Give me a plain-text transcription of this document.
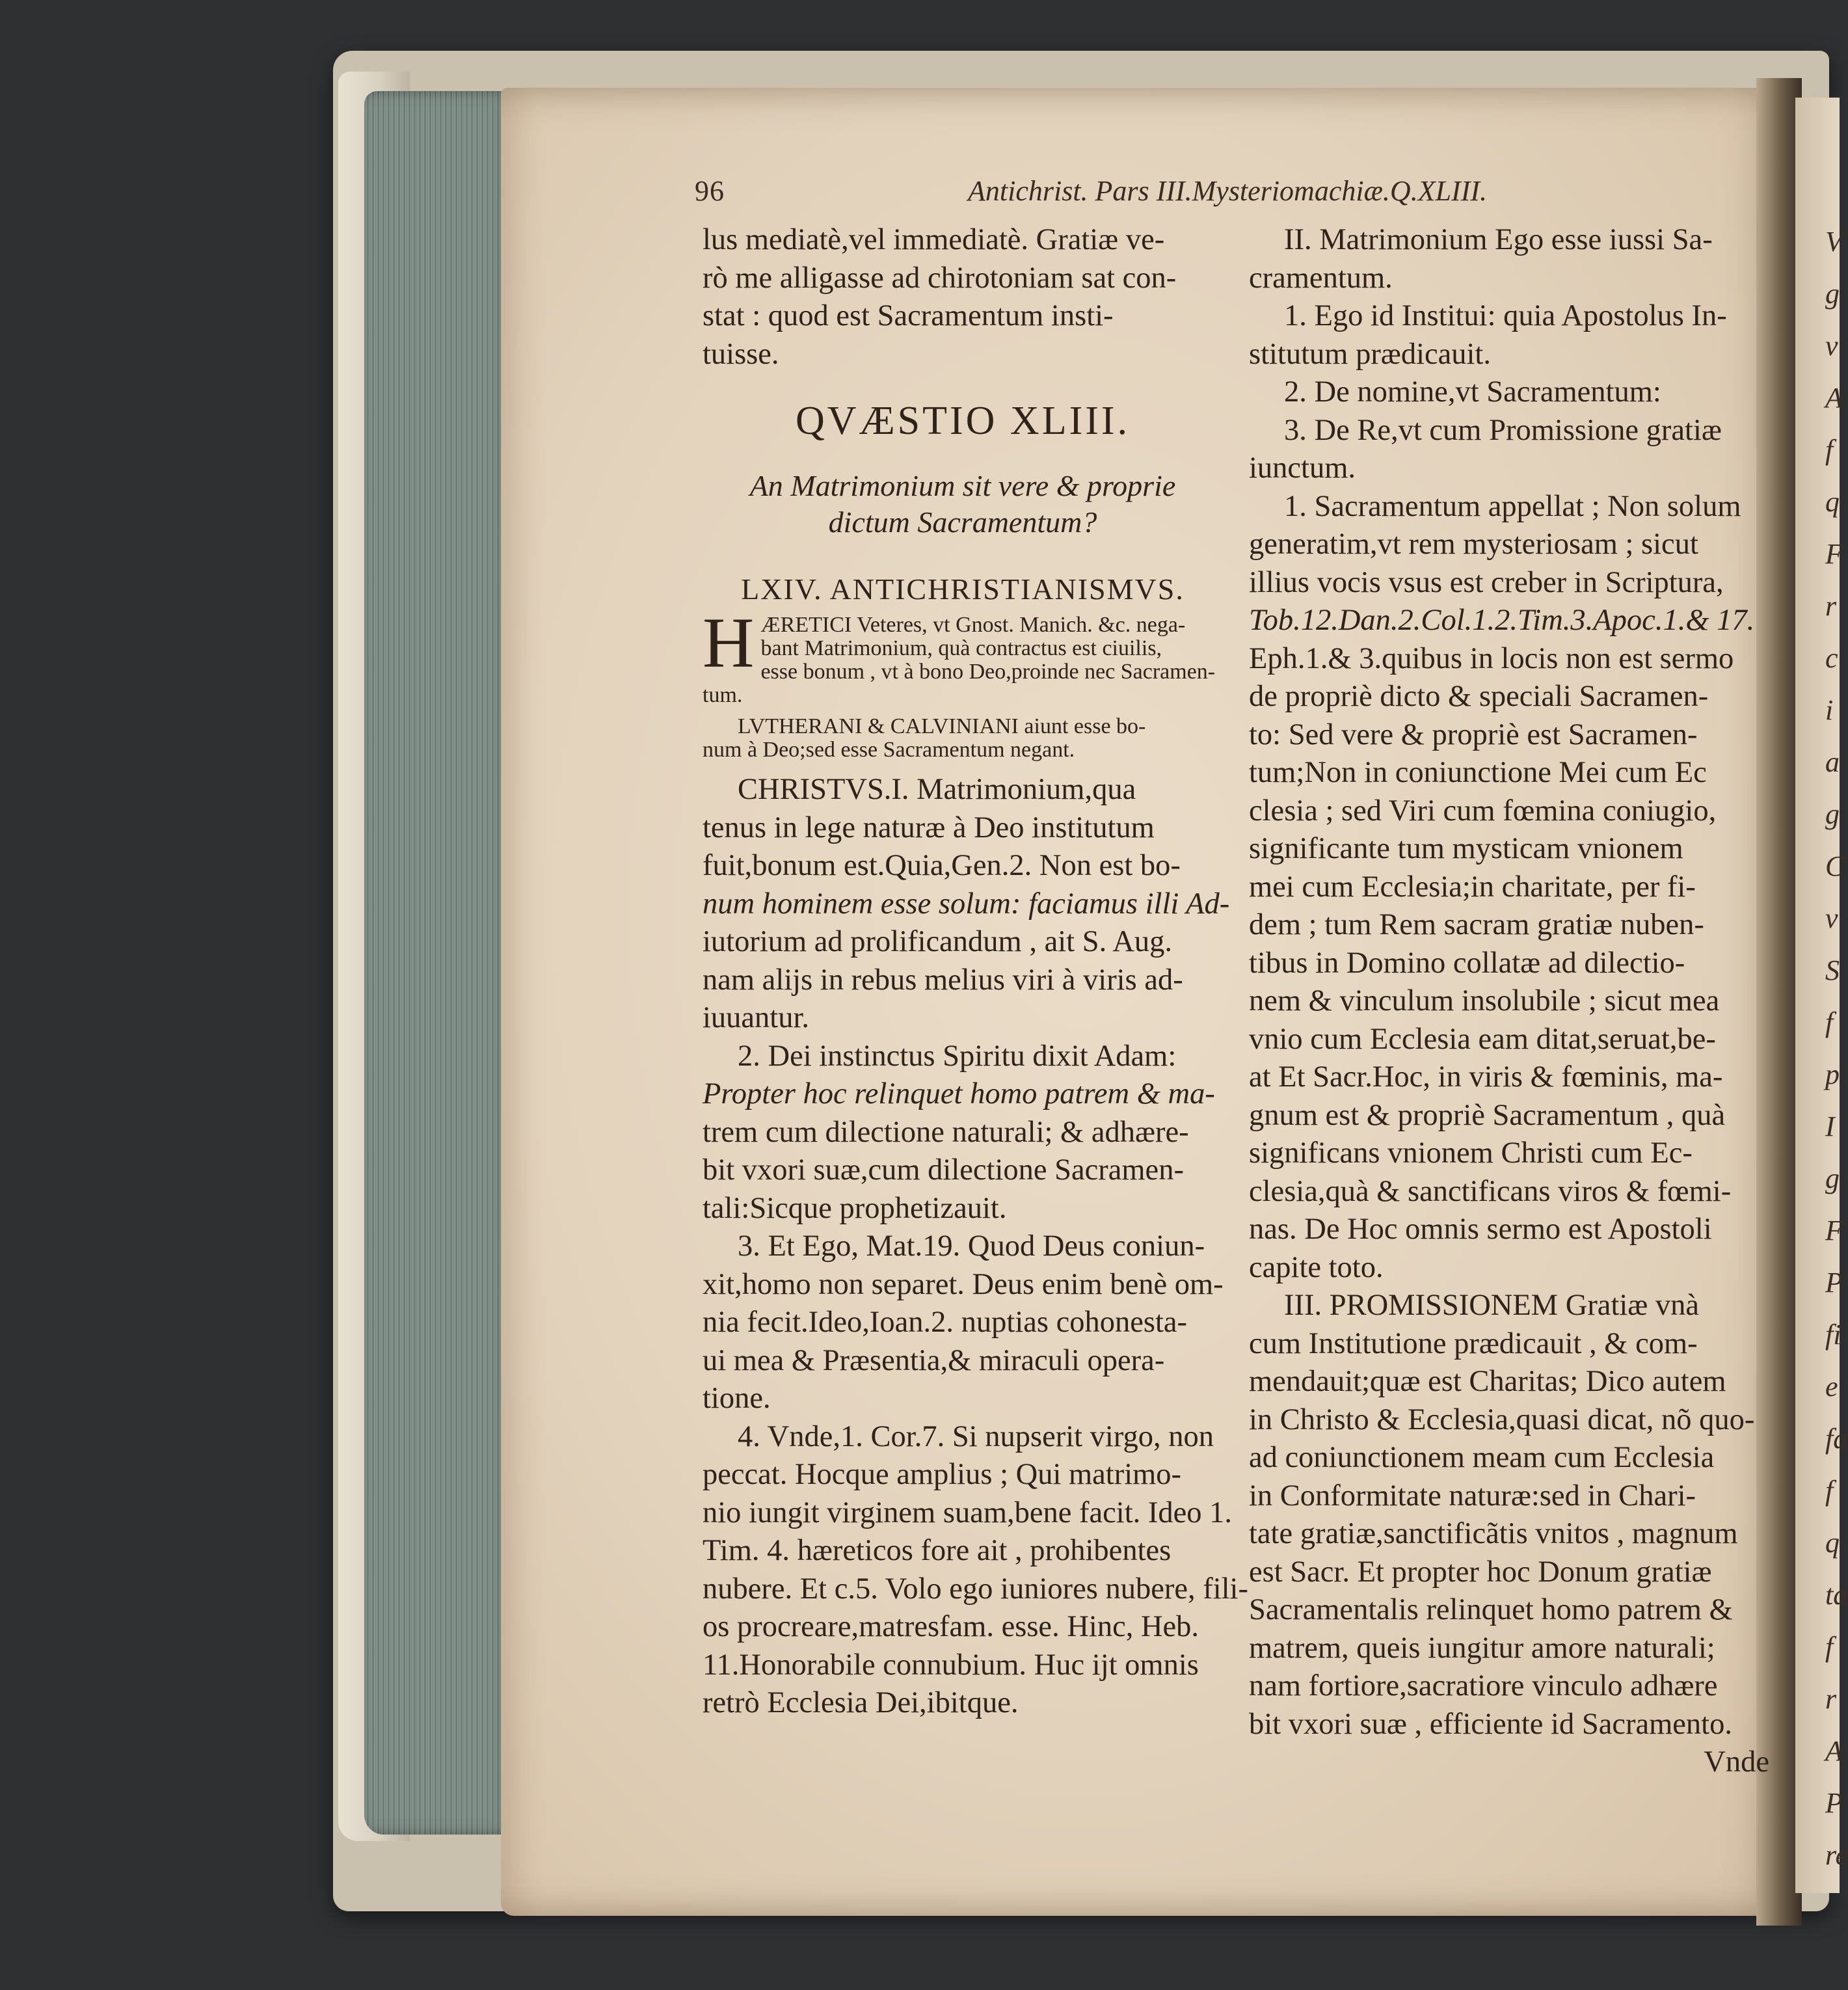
V
g
v
A
f
q
F
r
c
i
a
g
C
v
S
f
p
I
g
F
P
fi
e
fa
f
q
ta
f
r
A
P
re
96	Antichrist. Pars III.Mysteriomachiæ.Q.XLIII.

lus mediatè,vel immediatè. Gratiæ ve-
rò me alligasse ad chirotoniam sat con-
stat : quod est Sacramentum insti-
tuisse.

QVÆSTIO XLIII.

An Matrimonium sit vere & proprie
dictum Sacramentum?

LXIV. ANTICHRISTIANISMVS.

H ÆRETICI Veteres, vt Gnost. Manich. &c. nega-
bant Matrimonium, quà contractus est ciuilis,
esse bonum , vt à bono Deo,proinde nec Sacramen-
tum.

LVTHERANI & CALVINIANI aiunt esse bo-
num à Deo;sed esse Sacramentum negant.

CHRISTVS.I. Matrimonium,qua
tenus in lege naturæ à Deo institutum
fuit,bonum est.Quia,Gen.2. Non est bo-
num hominem esse solum: faciamus illi Ad-
iutorium ad prolificandum , ait S. Aug.
nam alijs in rebus melius viri à viris ad-
iuuantur.

2. Dei instinctus Spiritu dixit Adam:
Propter hoc relinquet homo patrem & ma-
trem cum dilectione naturali; & adhære-
bit vxori suæ,cum dilectione Sacramen-
tali:Sicque prophetizauit.

3. Et Ego, Mat.19. Quod Deus coniun-
xit,homo non separet. Deus enim benè om-
nia fecit.Ideo,Ioan.2. nuptias cohonesta-
ui mea & Præsentia,& miraculi opera-
tione.

4. Vnde,1. Cor.7. Si nupserit virgo, non
peccat. Hocque amplius ; Qui matrimo-
nio iungit virginem suam,bene facit. Ideo 1.
Tim. 4. hæreticos fore ait , prohibentes
nubere. Et c.5. Volo ego iuniores nubere, fili-
os procreare,matresfam. esse. Hinc, Heb.
11.Honorabile connubium. Huc ijt omnis
retrò Ecclesia Dei,ibitque.

II. Matrimonium Ego esse iussi Sa-
cramentum.

1. Ego id Institui: quia Apostolus In-
stitutum prædicauit.

2. De nomine,vt Sacramentum:

3. De Re,vt cum Promissione gratiæ
iunctum.

1. Sacramentum appellat ; Non solum
generatim,vt rem mysteriosam ; sicut
illius vocis vsus est creber in Scriptura,
Tob.12.Dan.2.Col.1.2.Tim.3.Apoc.1.& 17.
Eph.1.& 3.quibus in locis non est sermo
de propriè dicto & speciali Sacramen-
to: Sed vere & propriè est Sacramen-
tum;Non in coniunctione Mei cum Ec
clesia ; sed Viri cum fœmina coniugio,
significante tum mysticam vnionem
mei cum Ecclesia;in charitate, per fi-
dem ; tum Rem sacram gratiæ nuben-
tibus in Domino collatæ ad dilectio-
nem & vinculum insolubile ; sicut mea
vnio cum Ecclesia eam ditat,seruat,be-
at Et Sacr.Hoc, in viris & fœminis, ma-
gnum est & propriè Sacramentum , quà
significans vnionem Christi cum Ec-
clesia,quà & sanctificans viros & fœmi-
nas. De Hoc omnis sermo est Apostoli
capite toto.

III. PROMISSIONEM Gratiæ vnà
cum Institutione prædicauit , & com-
mendauit;quæ est Charitas; Dico autem
in Christo & Ecclesia,quasi dicat, nõ quo-
ad coniunctionem meam cum Ecclesia
in Conformitate naturæ:sed in Chari-
tate gratiæ,sanctificãtis vnitos , magnum
est Sacr. Et propter hoc Donum gratiæ
Sacramentalis relinquet homo patrem &
matrem, queis iungitur amore naturali;
nam fortiore,sacratiore vinculo adhære
bit vxori suæ , efficiente id Sacramento.

Vnde
